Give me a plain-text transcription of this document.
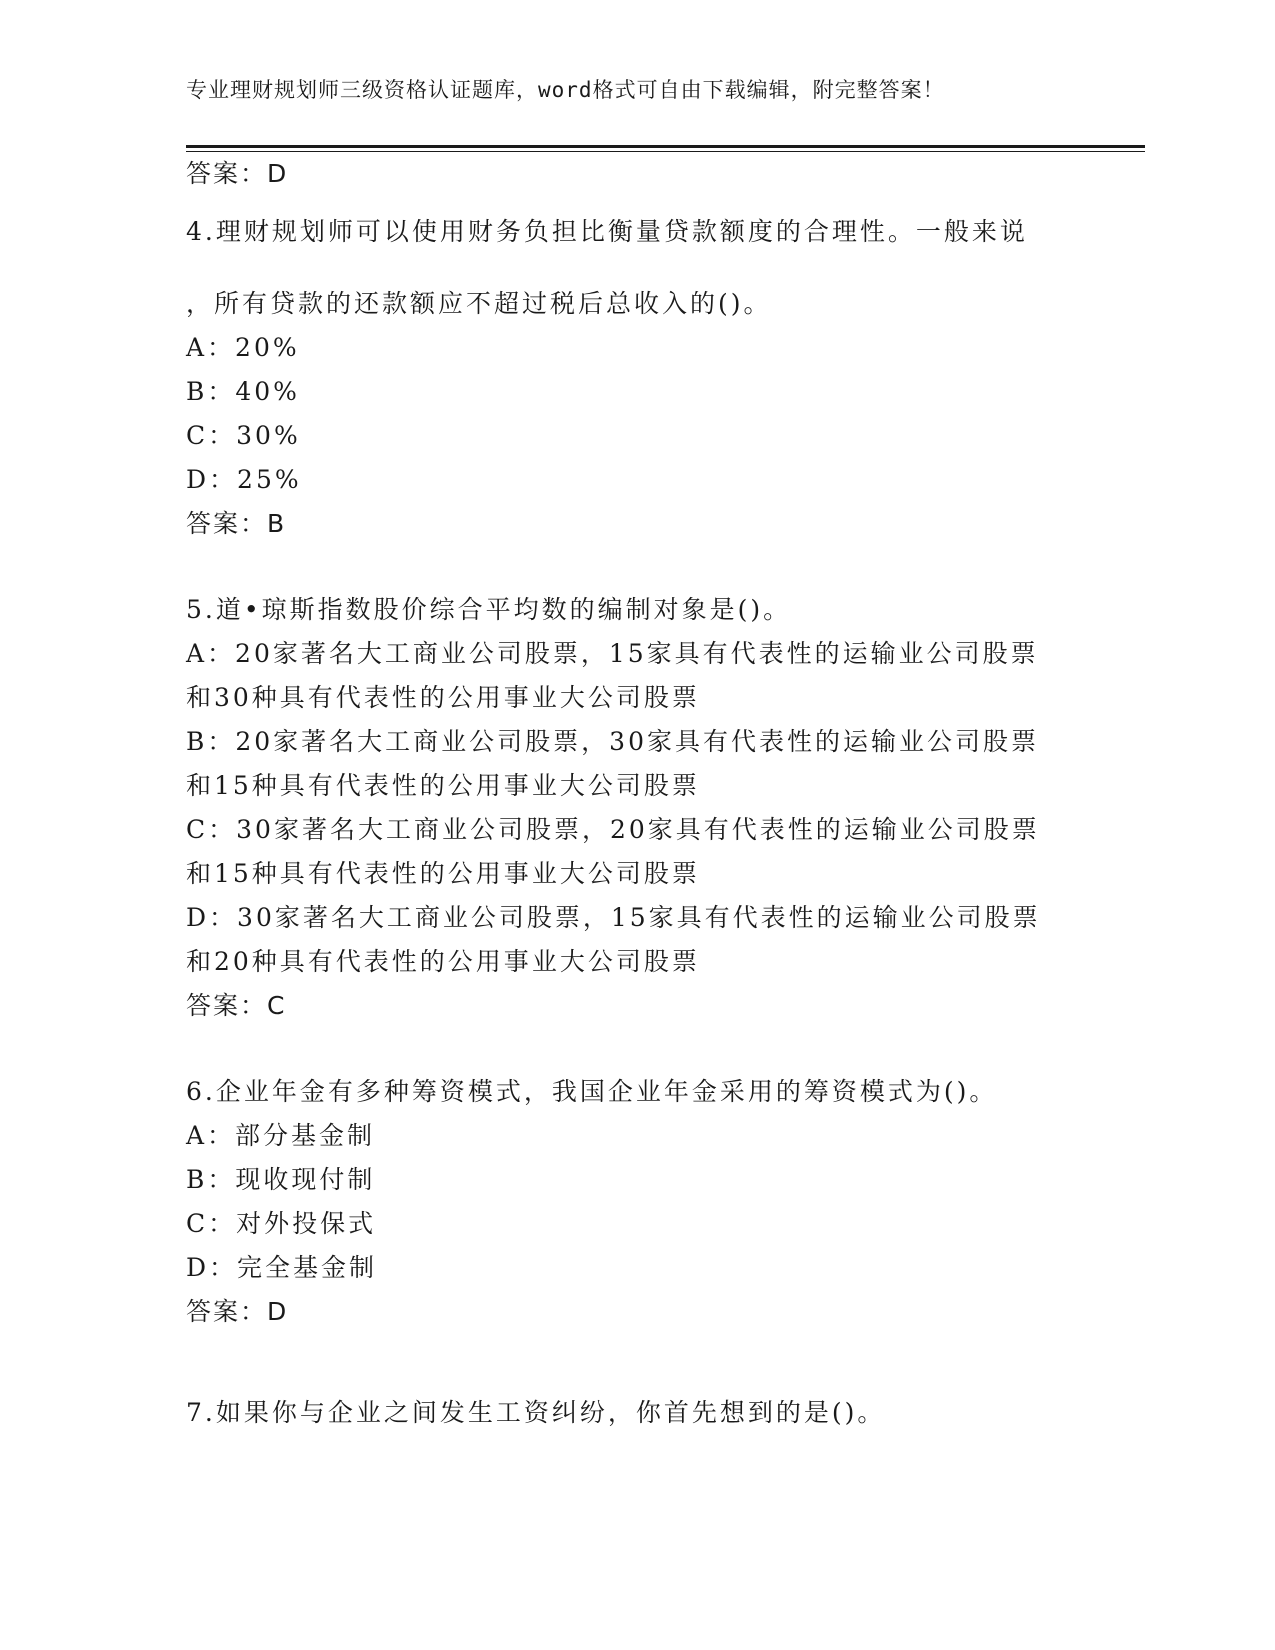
专业理财规划师三级资格认证题库，word格式可自由下载编辑，附完整答案！
答案：D
4.理财规划师可以使用财务负担比衡量贷款额度的合理性。一般来说
，所有贷款的还款额应不超过税后总收入的()。
A：20%
B：40%
C：30%
D：25%
答案：B
5.道•琼斯指数股价综合平均数的编制对象是()。
A：20家著名大工商业公司股票，15家具有代表性的运输业公司股票
和30种具有代表性的公用事业大公司股票
B：20家著名大工商业公司股票，30家具有代表性的运输业公司股票
和15种具有代表性的公用事业大公司股票
C：30家著名大工商业公司股票，20家具有代表性的运输业公司股票
和15种具有代表性的公用事业大公司股票
D：30家著名大工商业公司股票，15家具有代表性的运输业公司股票
和20种具有代表性的公用事业大公司股票
答案：C
6.企业年金有多种筹资模式，我国企业年金采用的筹资模式为()。
A：部分基金制
B：现收现付制
C：对外投保式
D：完全基金制
答案：D
7.如果你与企业之间发生工资纠纷，你首先想到的是()。
